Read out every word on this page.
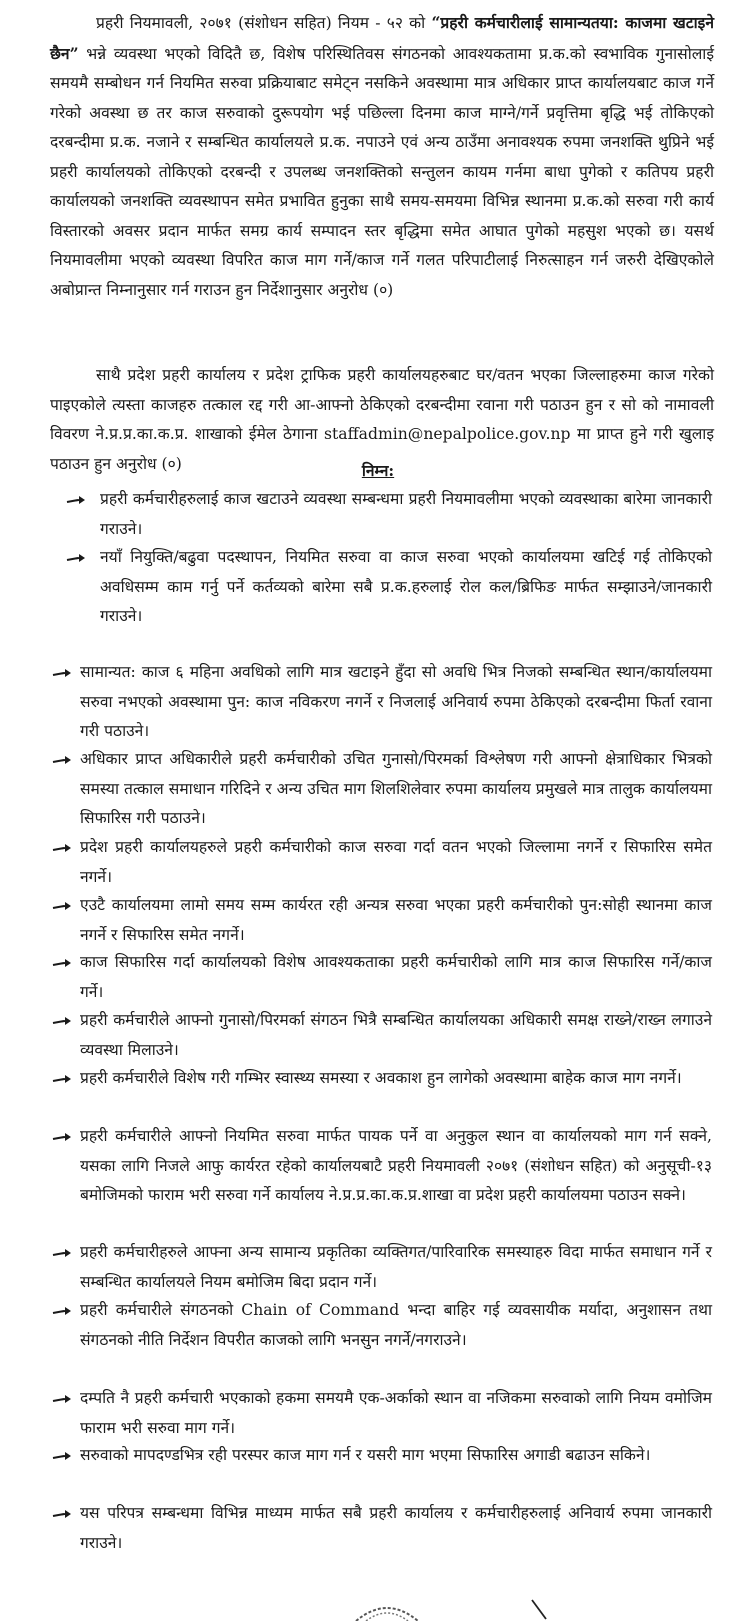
प्रहरी नियमावली, २०७१ (संशोधन सहित) नियम - ५२ को “प्रहरी कर्मचारीलाई सामान्यतया: काजमा खटाइने छैन” भन्ने व्यवस्था भएको विदितै छ, विशेष परिस्थितिवस संगठनको आवश्यकतामा प्र.क.को स्वभाविक गुनासोलाई समयमै सम्बोधन गर्न नियमित सरुवा प्रक्रियाबाट समेट्न नसकिने अवस्थामा मात्र अधिकार प्राप्त कार्यालयबाट काज गर्ने गरेको अवस्था छ तर काज सरुवाको दुरूपयोग भई पछिल्ला दिनमा काज माग्ने/गर्ने प्रवृत्तिमा बृद्धि भई तोकिएको दरबन्दीमा प्र.क. नजाने र सम्बन्धित कार्यालयले प्र.क. नपाउने एवं अन्य ठाउँमा अनावश्यक रुपमा जनशक्ति थुप्रिने भई प्रहरी कार्यालयको तोकिएको दरबन्दी र उपलब्ध जनशक्तिको सन्तुलन कायम गर्नमा बाधा पुगेको र कतिपय प्रहरी कार्यालयको जनशक्ति व्यवस्थापन समेत प्रभावित हुनुका साथै समय-समयमा विभिन्न स्थानमा प्र.क.को सरुवा गरी कार्य विस्तारको अवसर प्रदान मार्फत समग्र कार्य सम्पादन स्तर बृद्धिमा समेत आघात पुगेको महसुश भएको छ। यसर्थ नियमावलीमा भएको व्यवस्था विपरित काज माग गर्ने/काज गर्ने गलत परिपाटीलाई निरुत्साहन गर्न जरुरी देखिएकोले अबोप्रान्त निम्नानुसार गर्न गराउन हुन निर्देशानुसार अनुरोध (०)

साथै प्रदेश प्रहरी कार्यालय र प्रदेश ट्राफिक प्रहरी कार्यालयहरुबाट घर/वतन भएका जिल्लाहरुमा काज गरेको पाइएकोले त्यस्ता काजहरु तत्काल रद्द गरी आ-आफ्नो ठेकिएको दरबन्दीमा रवाना गरी पठाउन हुन र सो को नामावली विवरण ने.प्र.प्र.का.क.प्र. शाखाको ईमेल ठेगाना staffadmin@nepalpolice.gov.np मा प्राप्त हुने गरी खुलाइ पठाउन हुन अनुरोध (०)	निम्न:

प्रहरी कर्मचारीहरुलाई काज खटाउने व्यवस्था सम्बन्धमा प्रहरी नियमावलीमा भएको व्यवस्थाका बारेमा जानकारी गराउने।

नयाँ नियुक्ति/बढुवा पदस्थापन, नियमित सरुवा वा काज सरुवा भएको कार्यालयमा खटिई गई तोकिएको अवधिसम्म काम गर्नु पर्ने कर्तव्यको बारेमा सबै प्र.क.हरुलाई रोल कल/ब्रिफिङ मार्फत सम्झाउने/जानकारी गराउने।

सामान्यत: काज ६ महिना अवधिको लागि मात्र खटाइने हुँदा सो अवधि भित्र निजको सम्बन्धित स्थान/कार्यालयमा सरुवा नभएको अवस्थामा पुन: काज नविकरण नगर्ने र निजलाई अनिवार्य रुपमा ठेकिएको दरबन्दीमा फिर्ता रवाना गरी पठाउने।

अधिकार प्राप्त अधिकारीले प्रहरी कर्मचारीको उचित गुनासो/पिरमर्का विश्लेषण गरी आफ्नो क्षेत्राधिकार भित्रको समस्या तत्काल समाधान गरिदिने र अन्य उचित माग शिलशिलेवार रुपमा कार्यालय प्रमुखले मात्र तालुक कार्यालयमा सिफारिस गरी पठाउने।

प्रदेश प्रहरी कार्यालयहरुले प्रहरी कर्मचारीको काज सरुवा गर्दा वतन भएको जिल्लामा नगर्ने र सिफारिस समेत नगर्ने।

एउटै कार्यालयमा लामो समय सम्म कार्यरत रही अन्यत्र सरुवा भएका प्रहरी कर्मचारीको पुन:सोही स्थानमा काज नगर्ने र सिफारिस समेत नगर्ने।

काज सिफारिस गर्दा कार्यालयको विशेष आवश्यकताका प्रहरी कर्मचारीको लागि मात्र काज सिफारिस गर्ने/काज गर्ने।

प्रहरी कर्मचारीले आफ्नो गुनासो/पिरमर्का संगठन भित्रै सम्बन्धित कार्यालयका अधिकारी समक्ष राख्ने/राख्न लगाउने व्यवस्था मिलाउने।

प्रहरी कर्मचारीले विशेष गरी गम्भिर स्वास्थ्य समस्या र अवकाश हुन लागेको अवस्थामा बाहेक काज माग नगर्ने।

प्रहरी कर्मचारीले आफ्नो नियमित सरुवा मार्फत पायक पर्ने वा अनुकुल स्थान वा कार्यालयको माग गर्न सक्ने, यसका लागि निजले आफु कार्यरत रहेको कार्यालयबाटै प्रहरी नियमावली २०७१ (संशोधन सहित) को अनुसूची-१३ बमोजिमको फाराम भरी सरुवा गर्ने कार्यालय ने.प्र.प्र.का.क.प्र.शाखा वा प्रदेश प्रहरी कार्यालयमा पठाउन सक्ने।

प्रहरी कर्मचारीहरुले आफ्ना अन्य सामान्य प्रकृतिका व्यक्तिगत/पारिवारिक समस्याहरु विदा मार्फत समाधान गर्ने र सम्बन्धित कार्यालयले नियम बमोजिम बिदा प्रदान गर्ने।

प्रहरी कर्मचारीले संगठनको Chain of Command भन्दा बाहिर गई व्यवसायीक मर्यादा, अनुशासन तथा संगठनको नीति निर्देशन विपरीत काजको लागि भनसुन नगर्ने/नगराउने।

दम्पति नै प्रहरी कर्मचारी भएकाको हकमा समयमै एक-अर्काको स्थान वा नजिकमा सरुवाको लागि नियम वमोजिम फाराम भरी सरुवा माग गर्ने।

सरुवाको मापदण्डभित्र रही परस्पर काज माग गर्न र यसरी माग भएमा सिफारिस अगाडी बढाउन सकिने।

यस परिपत्र सम्बन्धमा विभिन्न माध्यम मार्फत सबै प्रहरी कार्यालय र कर्मचारीहरुलाई अनिवार्य रुपमा जानकारी गराउने।
